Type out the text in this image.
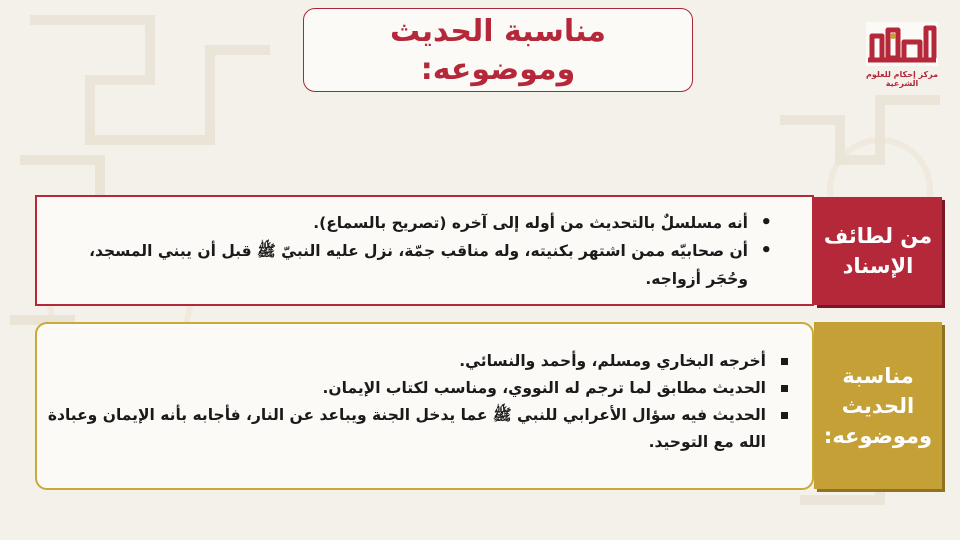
مناسبة الحديث
وموضوعه:	مركز إحكام للعلوم الشرعية
• أنه مسلسلٌ بالتحديث من أوله إلى آخره (تصريح بالسماع).
• أن صحابيّه ممن اشتهر بكنيته، وله مناقب جمّة، نزل عليه النبيّ ﷺ قبل أن يبني المسجد، وحُجَر أزواجه.
من لطائف
الإسناد
أخرجه البخاري ومسلم، وأحمد والنسائي.
الحديث مطابق لما ترجم له النووي، ومناسب لكتاب الإيمان.
الحديث فيه سؤال الأعرابي للنبي ﷺ عما يدخل الجنة ويباعد عن النار، فأجابه بأنه الإيمان وعبادة الله مع التوحيد.
مناسبة
الحديث
وموضوعه:
